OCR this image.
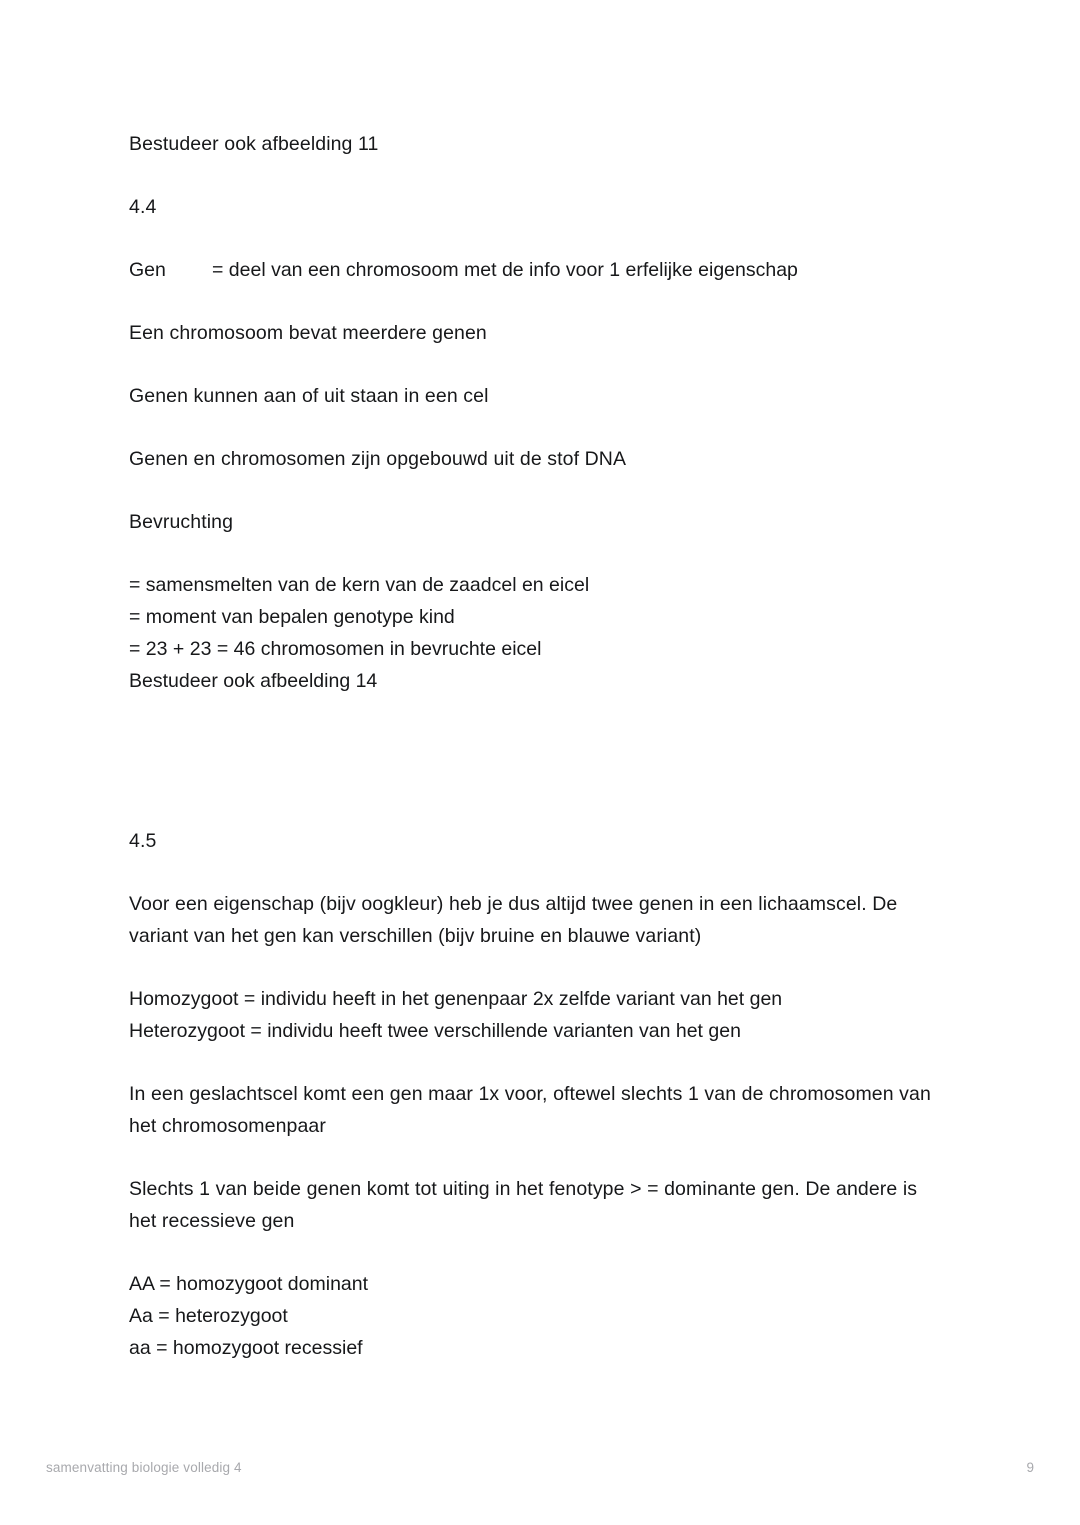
Bestudeer ook afbeelding 11

4.4

Gen = deel van een chromosoom met de info voor 1 erfelijke eigenschap

Een chromosoom bevat meerdere genen

Genen kunnen aan of uit staan in een cel

Genen en chromosomen zijn opgebouwd uit de stof DNA

Bevruchting

= samensmelten van de kern van de zaadcel en eicel
= moment van bepalen genotype kind
= 23 + 23 = 46 chromosomen in bevruchte eicel
Bestudeer ook afbeelding 14

4.5

Voor een eigenschap (bijv oogkleur) heb je dus altijd twee genen in een lichaamscel. De variant van het gen kan verschillen (bijv bruine en blauwe variant)

Homozygoot = individu heeft in het genenpaar 2x zelfde variant van het gen
Heterozygoot = individu heeft twee verschillende varianten van het gen

In een geslachtscel komt een gen maar 1x voor, oftewel slechts 1 van de chromosomen van het chromosomenpaar

Slechts 1 van beide genen komt tot uiting in het fenotype > = dominante gen. De andere is het recessieve gen

AA = homozygoot dominant
Aa = heterozygoot
aa = homozygoot recessief
samenvatting biologie volledig 4	9
